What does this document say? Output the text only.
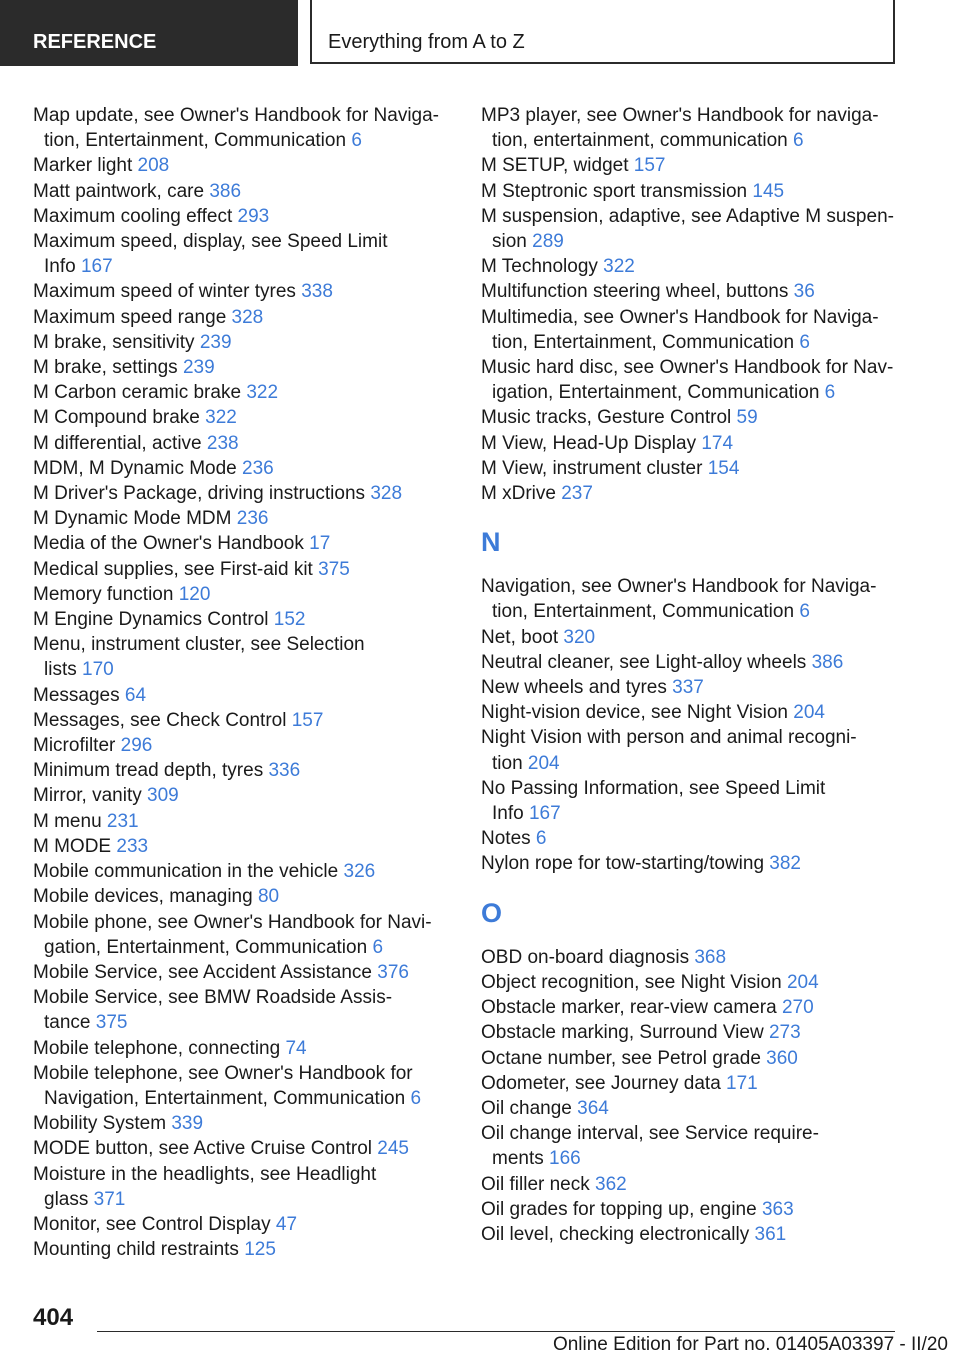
REFERENCE	Everything from A to Z
Map update, see Owner's Handbook for Naviga-
tion, Entertainment, Communication 6
Marker light 208
Matt paintwork, care 386
Maximum cooling effect 293
Maximum speed, display, see Speed Limit
Info 167
Maximum speed of winter tyres 338
Maximum speed range 328
M brake, sensitivity 239
M brake, settings 239
M Carbon ceramic brake 322
M Compound brake 322
M differential, active 238
MDM, M Dynamic Mode 236
M Driver's Package, driving instructions 328
M Dynamic Mode MDM 236
Media of the Owner's Handbook 17
Medical supplies, see First-aid kit 375
Memory function 120
M Engine Dynamics Control 152
Menu, instrument cluster, see Selection
lists 170
Messages 64
Messages, see Check Control 157
Microfilter 296
Minimum tread depth, tyres 336
Mirror, vanity 309
M menu 231
M MODE 233
Mobile communication in the vehicle 326
Mobile devices, managing 80
Mobile phone, see Owner's Handbook for Navi-
gation, Entertainment, Communication 6
Mobile Service, see Accident Assistance 376
Mobile Service, see BMW Roadside Assis-
tance 375
Mobile telephone, connecting 74
Mobile telephone, see Owner's Handbook for
Navigation, Entertainment, Communication 6
Mobility System 339
MODE button, see Active Cruise Control 245
Moisture in the headlights, see Headlight
glass 371
Monitor, see Control Display 47
Mounting child restraints 125
MP3 player, see Owner's Handbook for naviga-
tion, entertainment, communication 6
M SETUP, widget 157
M Steptronic sport transmission 145
M suspension, adaptive, see Adaptive M suspen-
sion 289
M Technology 322
Multifunction steering wheel, buttons 36
Multimedia, see Owner's Handbook for Naviga-
tion, Entertainment, Communication 6
Music hard disc, see Owner's Handbook for Nav-
igation, Entertainment, Communication 6
Music tracks, Gesture Control 59
M View, Head-Up Display 174
M View, instrument cluster 154
M xDrive 237
N
Navigation, see Owner's Handbook for Naviga-
tion, Entertainment, Communication 6
Net, boot 320
Neutral cleaner, see Light-alloy wheels 386
New wheels and tyres 337
Night-vision device, see Night Vision 204
Night Vision with person and animal recogni-
tion 204
No Passing Information, see Speed Limit
Info 167
Notes 6
Nylon rope for tow-starting/towing 382
O
OBD on-board diagnosis 368
Object recognition, see Night Vision 204
Obstacle marker, rear-view camera 270
Obstacle marking, Surround View 273
Octane number, see Petrol grade 360
Odometer, see Journey data 171
Oil change 364
Oil change interval, see Service require-
ments 166
Oil filler neck 362
Oil grades for topping up, engine 363
Oil level, checking electronically 361
404
Online Edition for Part no. 01405A03397 - II/20
